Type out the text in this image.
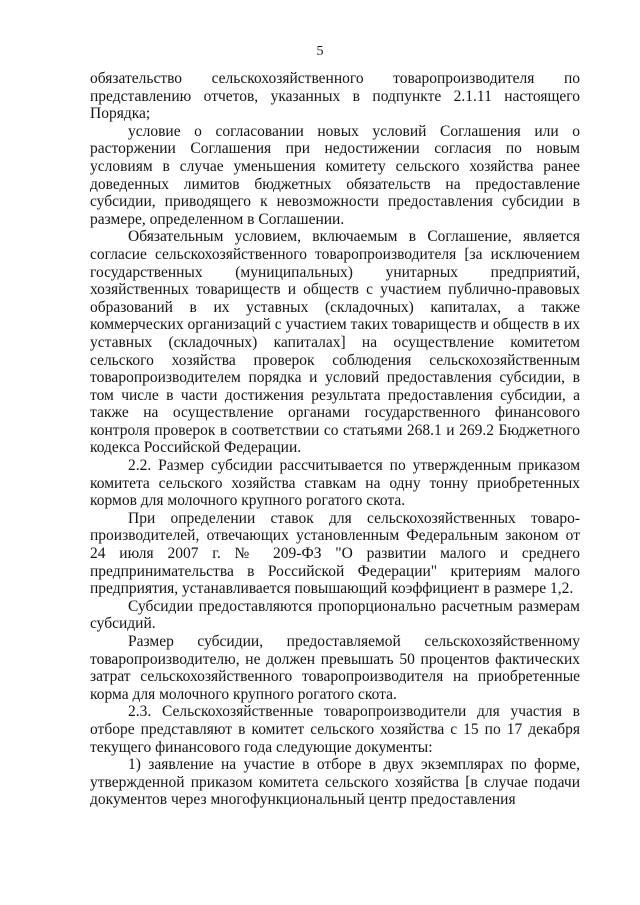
5

обязательство сельскохозяйственного товаропроизводителя по представлению отчетов, указанных в подпункте 2.1.11 настоящего Порядка;

условие о согласовании новых условий Соглашения или о расторжении Соглашения при недостижении согласия по новым условиям в случае уменьшения комитету сельского хозяйства ранее доведенных лимитов бюджетных обязательств на предоставление субсидии, приводящего к невозможности предоставления субсидии в размере, определенном в Соглашении.

Обязательным условием, включаемым в Соглашение, является согласие сельскохозяйственного товаропроизводителя [за исключением государственных (муниципальных) унитарных предприятий, хозяйственных товариществ и обществ с участием публично-правовых образований в их уставных (складочных) капиталах, а также коммерческих организаций с участием таких товариществ и обществ в их уставных (складочных) капиталах] на осуществление комитетом сельского хозяйства проверок соблюдения сельскохозяйственным товаропроизводителем порядка и условий предоставления субсидии, в том числе в части достижения результата предоставления субсидии, а также на осуществление органами государственного финансового контроля проверок в соответствии со статьями 268.1 и 269.2 Бюджетного кодекса Российской Федерации.

2.2. Размер субсидии рассчитывается по утвержденным приказом комитета сельского хозяйства ставкам на одну тонну приобретенных кормов для молочного крупного рогатого скота.

При определении ставок для сельскохозяйственных товаро-производителей, отвечающих установленным Федеральным законом от 24 июля 2007 г. № 209-ФЗ "О развитии малого и среднего предпринимательства в Российской Федерации" критериям малого предприятия, устанавливается повышающий коэффициент в размере 1,2.

Субсидии предоставляются пропорционально расчетным размерам субсидий.

Размер субсидии, предоставляемой сельскохозяйственному товаропроизводителю, не должен превышать 50 процентов фактических затрат сельскохозяйственного товаропроизводителя на приобретенные корма для молочного крупного рогатого скота.

2.3. Сельскохозяйственные товаропроизводители для участия в отборе представляют в комитет сельского хозяйства с 15 по 17 декабря текущего финансового года следующие документы:

1) заявление на участие в отборе в двух экземплярах по форме, утвержденной приказом комитета сельского хозяйства [в случае подачи документов через многофункциональный центр предоставления
